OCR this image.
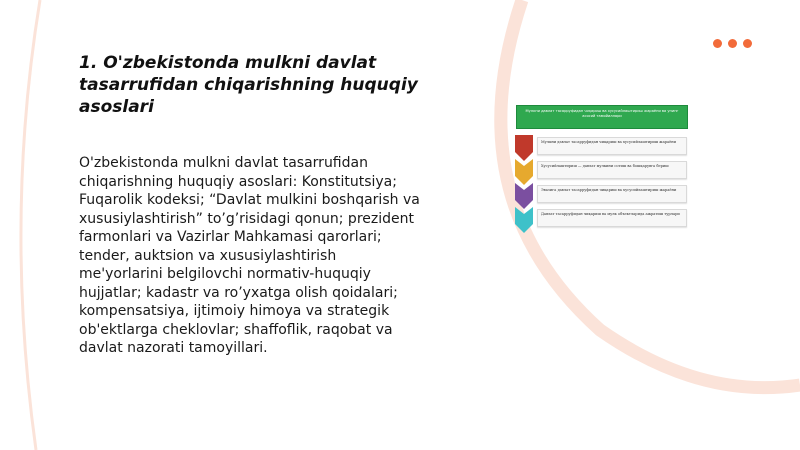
1. O'zbekistonda mulkni davlat tasarrufidan chiqarishning huquqiy asoslari

O'zbekistonda mulkni davlat tasarrufidan chiqarishning huquqiy asoslari: Konstitutsiya; Fuqarolik kodeksi; “Davlat mulkini boshqarish va xususiylashtirish” to’g’risidagi qonun; prezident farmonlari va Vazirlar Mahkamasi qarorlari; tender, auktsion va xususiylashtirish me'yorlarini belgilovchi normativ-huquqiy hujjatlar; kadastr va ro’yxatga olish qoidalari; kompensatsiya, ijtimoiy himoya va strategik ob'ektlarga cheklovlar; shaffoflik, raqobat va davlat nazorati tamoyillari.

Мулкни давлат тасарруфидан чиқариш ва хусусийлаштириш жараёни ва унинг асосий тамойиллари
Мулкни давлат тасарруфидан чиқариш ва хусусийлаштириш жараёни
Хусусийлаштириш — давлат мулкини сотиш ва бошқарувга бериш
Эвазига давлат тасарруфидан чиқариш ва хусусийлаштириш жараёни
Давлат тасарруфидан чиқариш ва мулк объектларида ажратиш турлари
